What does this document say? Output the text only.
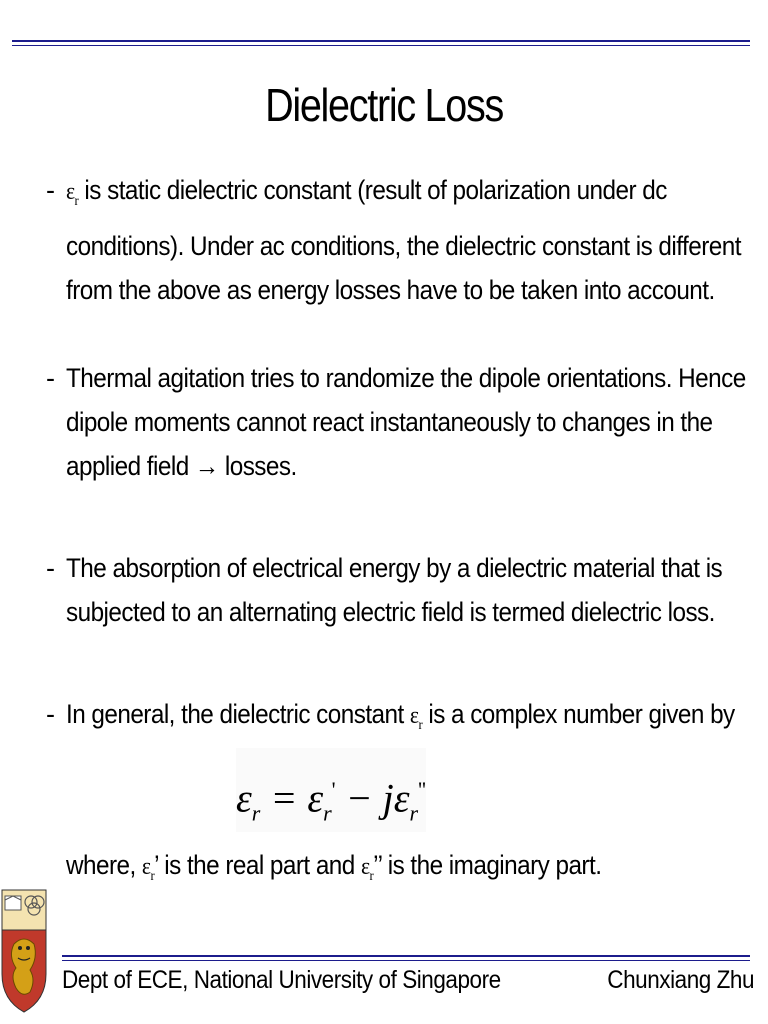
Dielectric Loss
- $\varepsilon_r$ is static dielectric constant (result of polarization under dc conditions). Under ac conditions, the dielectric constant is different from the above as energy losses have to be taken into account.
- Thermal agitation tries to randomize the dipole orientations. Hence dipole moments cannot react instantaneously to changes in the applied field → losses.
- The absorption of electrical energy by a dielectric material that is subjected to an alternating electric field is termed dielectric loss.
- In general, the dielectric constant $\varepsilon_r$ is a complex number given by
$\varepsilon_r = \varepsilon_r' - j\varepsilon_r''$
where, $\varepsilon_r$’ is the real part and $\varepsilon_r$’’ is the imaginary part.
Dept of ECE, National University of Singapore	Chunxiang Zhu
